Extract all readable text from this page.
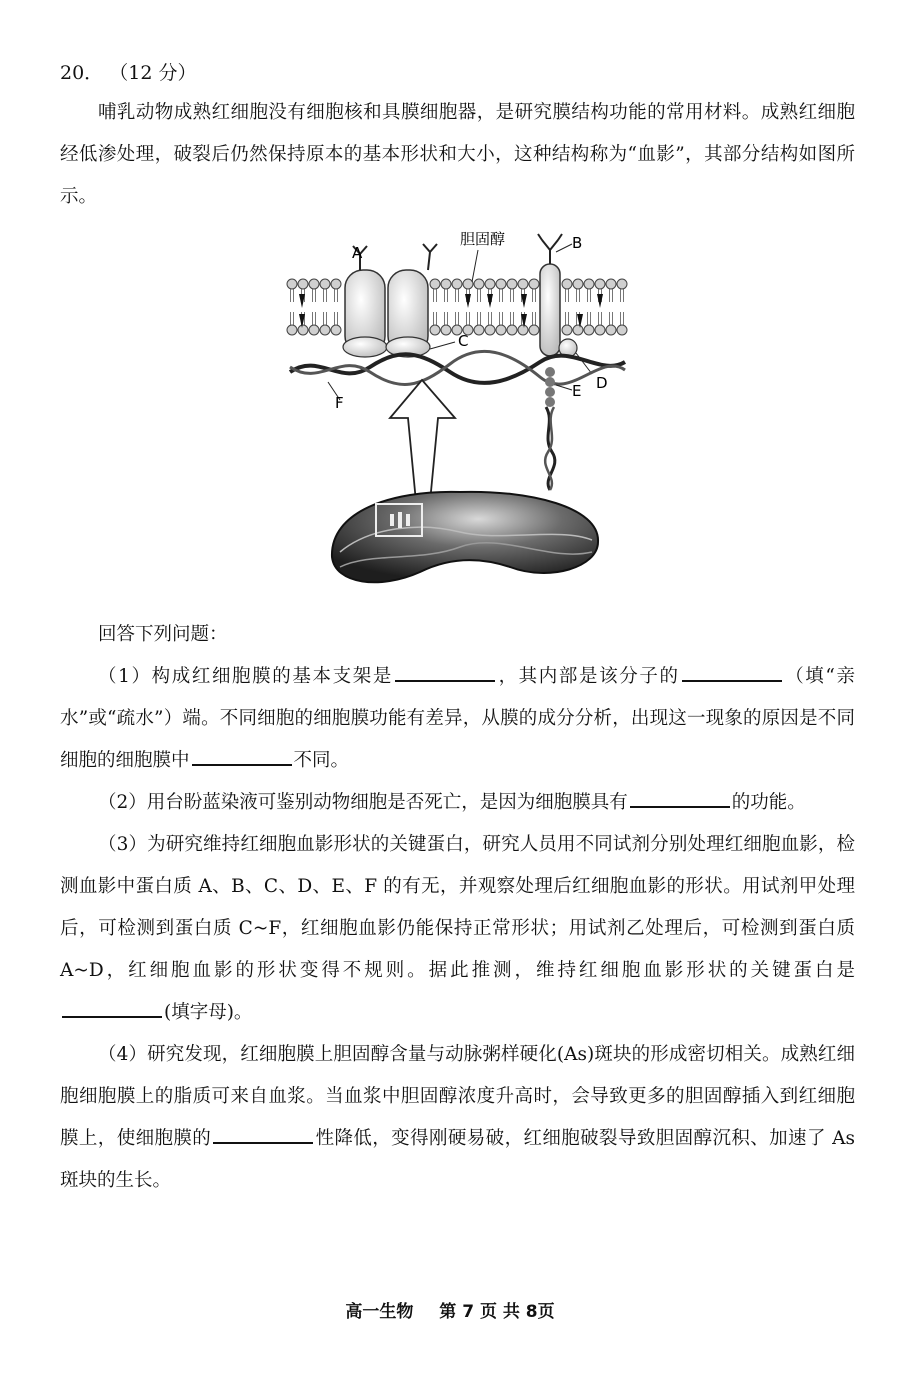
20． （12 分）
哺乳动物成熟红细胞没有细胞核和具膜细胞器，是研究膜结构功能的常用材料。成熟红细胞经低渗处理，破裂后仍然保持原本的基本形状和大小，这种结构称为“血影”，其部分结构如图所示。
A
胆固醇	B
C
D
E
F
回答下列问题：
（1）构成红细胞膜的基本支架是	，其内部是该分子的	（填“亲水”或“疏水”）端。不同细胞的细胞膜功能有差异，从膜的成分分析，出现这一现象的原因是不同细胞的细胞膜中	不同。
（2）用台盼蓝染液可鉴别动物细胞是否死亡，是因为细胞膜具有	的功能。
（3）为研究维持红细胞血影形状的关键蛋白，研究人员用不同试剂分别处理红细胞血影，检测血影中蛋白质 A、B、C、D、E、F 的有无，并观察处理后红细胞血影的形状。用试剂甲处理后，可检测到蛋白质 C~F，红细胞血影仍能保持正常形状；用试剂乙处理后，可检测到蛋白质 A~D，红细胞血影的形状变得不规则。据此推测，维持红细胞血影形状的关键蛋白是(填字母)。
（4）研究发现，红细胞膜上胆固醇含量与动脉粥样硬化(As)斑块的形成密切相关。成熟红细胞细胞膜上的脂质可来自血浆。当血浆中胆固醇浓度升高时，会导致更多的胆固醇插入到红细胞膜上，使细胞膜的	性降低，变得刚硬易破，红细胞破裂导致胆固醇沉积、加速了 As 斑块的生长。
高一生物 第 7 页 共 8页
